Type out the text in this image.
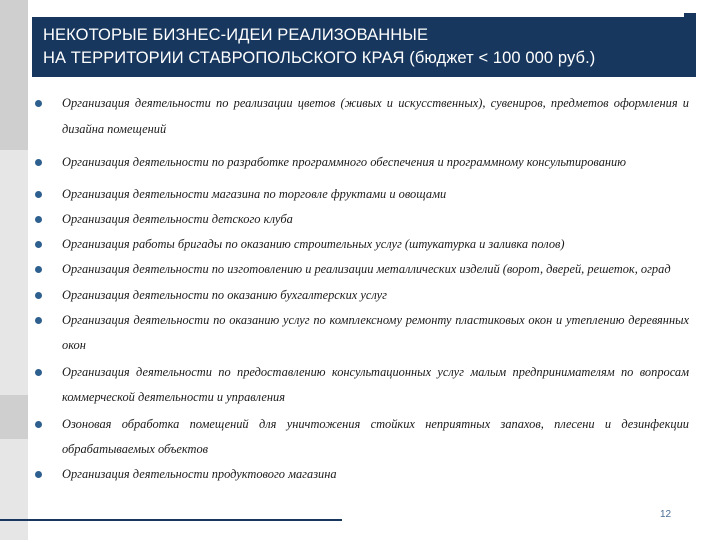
НЕКОТОРЫЕ БИЗНЕС-ИДЕИ РЕАЛИЗОВАННЫЕ
НА ТЕРРИТОРИИ СТАВРОПОЛЬСКОГО КРАЯ (бюджет < 100 000 руб.)
Организация деятельности по реализации цветов (живых и искусственных), сувениров, предметов оформления и дизайна помещений
Организация деятельности по разработке программного обеспечения и программному консультированию
Организация деятельности магазина по торговле фруктами и овощами
Организация деятельности детского клуба
Организация работы бригады по оказанию строительных услуг (штукатурка и заливка полов)
Организация деятельности по изготовлению и реализации металлических изделий (ворот, дверей, решеток, оград
Организация деятельности по оказанию бухгалтерских услуг
Организация деятельности по оказанию услуг по комплексному ремонту пластиковых окон и утеплению деревянных окон
Организация деятельности по предоставлению консультационных услуг малым предпринимателям по вопросам коммерческой деятельности и управления
Озоновая обработка помещений для уничтожения стойких неприятных запахов, плесени и дезинфекции обрабатываемых объектов
Организация деятельности продуктового магазина
12
